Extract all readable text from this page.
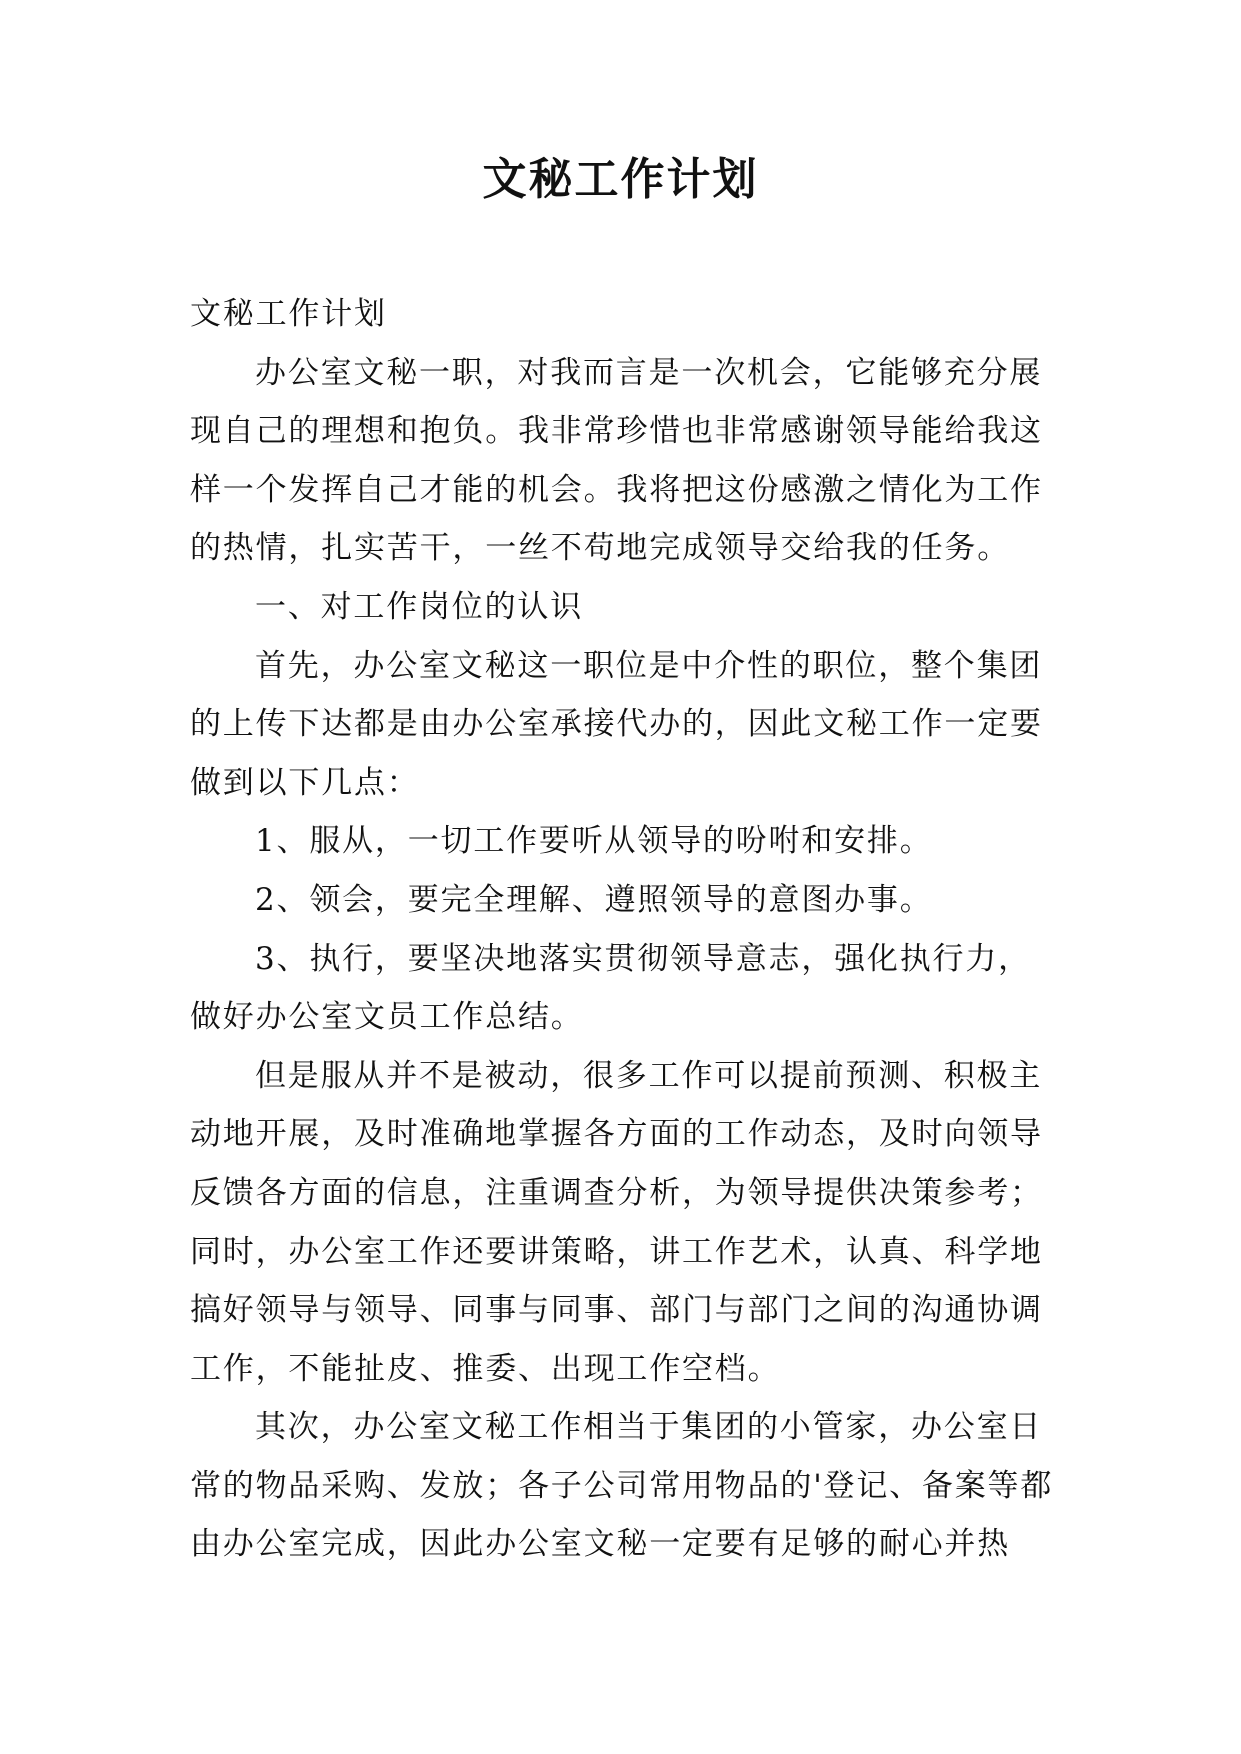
文秘工作计划

文秘工作计划

办公室文秘一职，对我而言是一次机会，它能够充分展现自己的理想和抱负。我非常珍惜也非常感谢领导能给我这样一个发挥自己才能的机会。我将把这份感激之情化为工作的热情，扎实苦干，一丝不苟地完成领导交给我的任务。

一、对工作岗位的认识

首先，办公室文秘这一职位是中介性的职位，整个集团的上传下达都是由办公室承接代办的，因此文秘工作一定要做到以下几点：

1、服从，一切工作要听从领导的吩咐和安排。

2、领会，要完全理解、遵照领导的意图办事。

3、执行，要坚决地落实贯彻领导意志，强化执行力，做好办公室文员工作总结。

但是服从并不是被动，很多工作可以提前预测、积极主动地开展，及时准确地掌握各方面的工作动态，及时向领导反馈各方面的信息，注重调查分析，为领导提供决策参考；同时，办公室工作还要讲策略，讲工作艺术，认真、科学地搞好领导与领导、同事与同事、部门与部门之间的沟通协调工作，不能扯皮、推委、出现工作空档。

其次，办公室文秘工作相当于集团的小管家，办公室日常的物品采购、发放；各子公司常用物品的'登记、备案等都由办公室完成，因此办公室文秘一定要有足够的耐心并热
